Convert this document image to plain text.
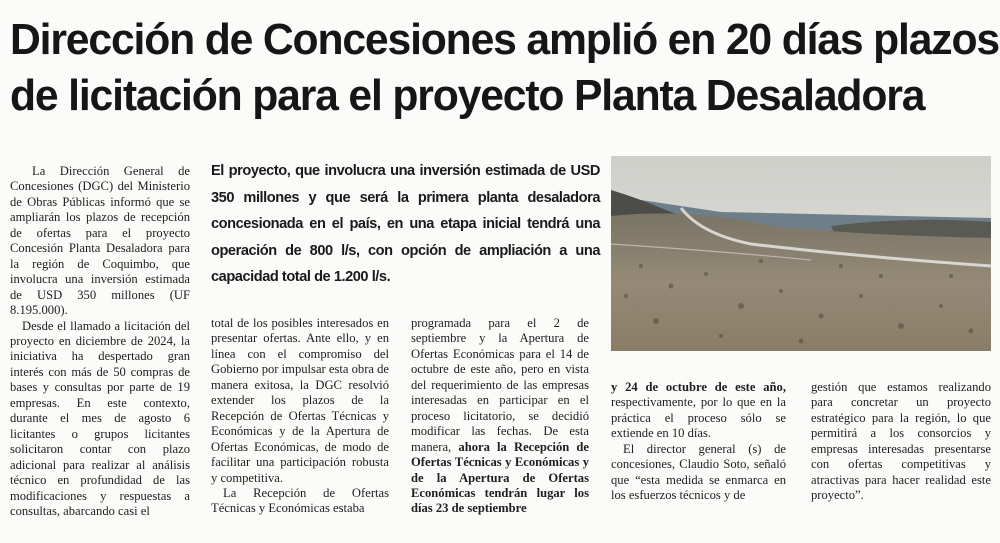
Dirección de Concesiones amplió en 20 días plazos
de licitación para el proyecto Planta Desaladora

La Dirección General de Concesiones (DGC) del Ministerio de Obras Públicas informó que se ampliarán los plazos de recepción de ofertas para el proyecto Concesión Planta Desaladora para la región de Coquimbo, que involucra una inversión estimada de USD 350 millones (UF 8.195.000).

Desde el llamado a licitación del proyecto en diciembre de 2024, la iniciativa ha despertado gran interés con más de 50 compras de bases y consultas por parte de 19 empresas. En este contexto, durante el mes de agosto 6 licitantes o grupos licitantes solicitaron contar con plazo adicional para realizar al análisis técnico en profundidad de las modificaciones y respuestas a consultas, abarcando casi el

El proyecto, que involucra una inversión estimada de USD 350 millones y que será la primera planta desaladora concesionada en el país, en una etapa inicial tendrá una operación de 800 l/s, con opción de ampliación a una capacidad total de 1.200 l/s.

total de los posibles interesados en presentar ofertas. Ante ello, y en línea con el compromiso del Gobierno por impulsar esta obra de manera exitosa, la DGC resolvió extender los plazos de la Recepción de Ofertas Técnicas y Económicas y de la Apertura de Ofertas Económicas, de modo de facilitar una participación robusta y competitiva.

La Recepción de Ofertas Técnicas y Económicas estaba

programada para el 2 de septiembre y la Apertura de Ofertas Económicas para el 14 de octubre de este año, pero en vista del requerimiento de las empresas interesadas en participar en el proceso licitatorio, se decidió modificar las fechas. De esta manera, ahora la Recepción de Ofertas Técnicas y Económicas y de la Apertura de Ofertas Económicas tendrán lugar los días 23 de septiembre

y 24 de octubre de este año, respectivamente, por lo que en la práctica el proceso sólo se extiende en 10 días.

El director general (s) de concesiones, Claudio Soto, señaló que “esta medida se enmarca en los esfuerzos técnicos y de

gestión que estamos realizando para concretar un proyecto estratégico para la región, lo que permitirá a los consorcios y empresas interesadas presentarse con ofertas competitivas y atractivas para hacer realidad este proyecto”.
